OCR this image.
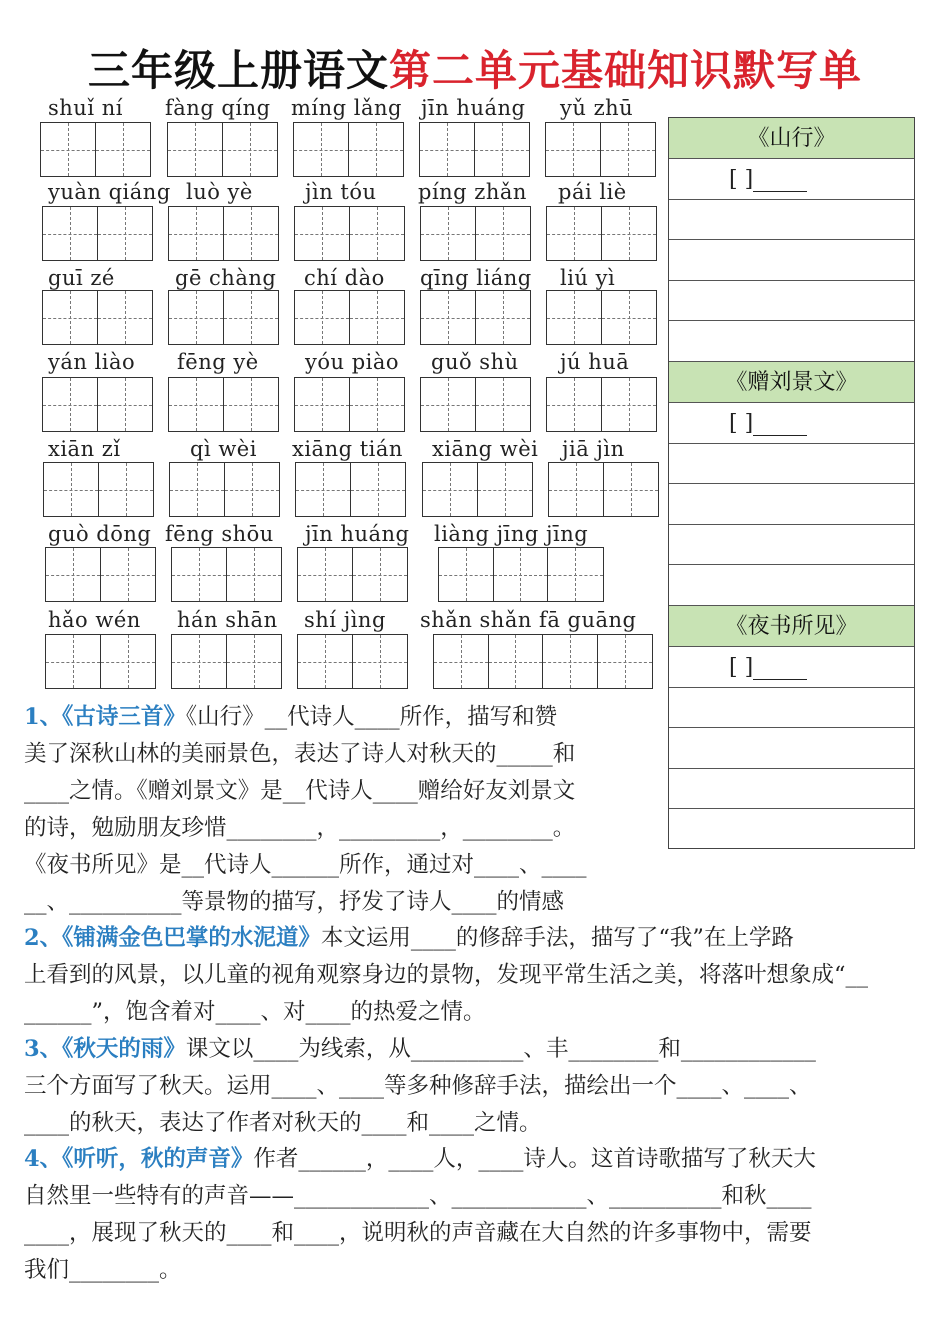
三年级上册语文第二单元基础知识默写单
shuǐ ní fàng qíng míng lǎng jīn huáng yǔ zhū
yuàn qiáng luò yè jìn tóu píng zhǎn pái liè
guī zé	gē chàng chí dào qīng liáng liú yì
yán liào fēng yè yóu piào guǒ shù jú huā
xiān zǐ	qì wèi xiāng tián xiāng wèi jiā jìn
guò dōng fēng shōu jīn huáng liàng jīng jīng
hǎo wén hán shān shí jìng shǎn shǎn fā guāng
《山行》
[ ]
《赠刘景文》
[ ]
《夜书所见》
[ ]
1、《古诗三首》《山行》__代诗人____所作，描写和赞
美了深秋山林的美丽景色，表达了诗人对秋天的_____和
____之情。《赠刘景文》是__代诗人____赠给好友刘景文
的诗，勉励朋友珍惜________，_________，________。
《夜书所见》是__代诗人______所作，通过对____、____
__、__________等景物的描写，抒发了诗人____的情感
2、《铺满金色巴掌的水泥道》本文运用____的修辞手法，描写了“我”在上学路
上看到的风景，以儿童的视角观察身边的景物，发现平常生活之美，将落叶想象成“__
______”，饱含着对____、对____的热爱之情。
3、《秋天的雨》课文以____为线索，从__________、丰________和____________
三个方面写了秋天。运用____、____等多种修辞手法，描绘出一个____、____、
____的秋天，表达了作者对秋天的____和____之情。
4、《听听，秋的声音》作者______，____人，____诗人。这首诗歌描写了秋天大
自然里一些特有的声音——____________、____________、__________和秋____
____，展现了秋天的____和____，说明秋的声音藏在大自然的许多事物中，需要
我们________。
